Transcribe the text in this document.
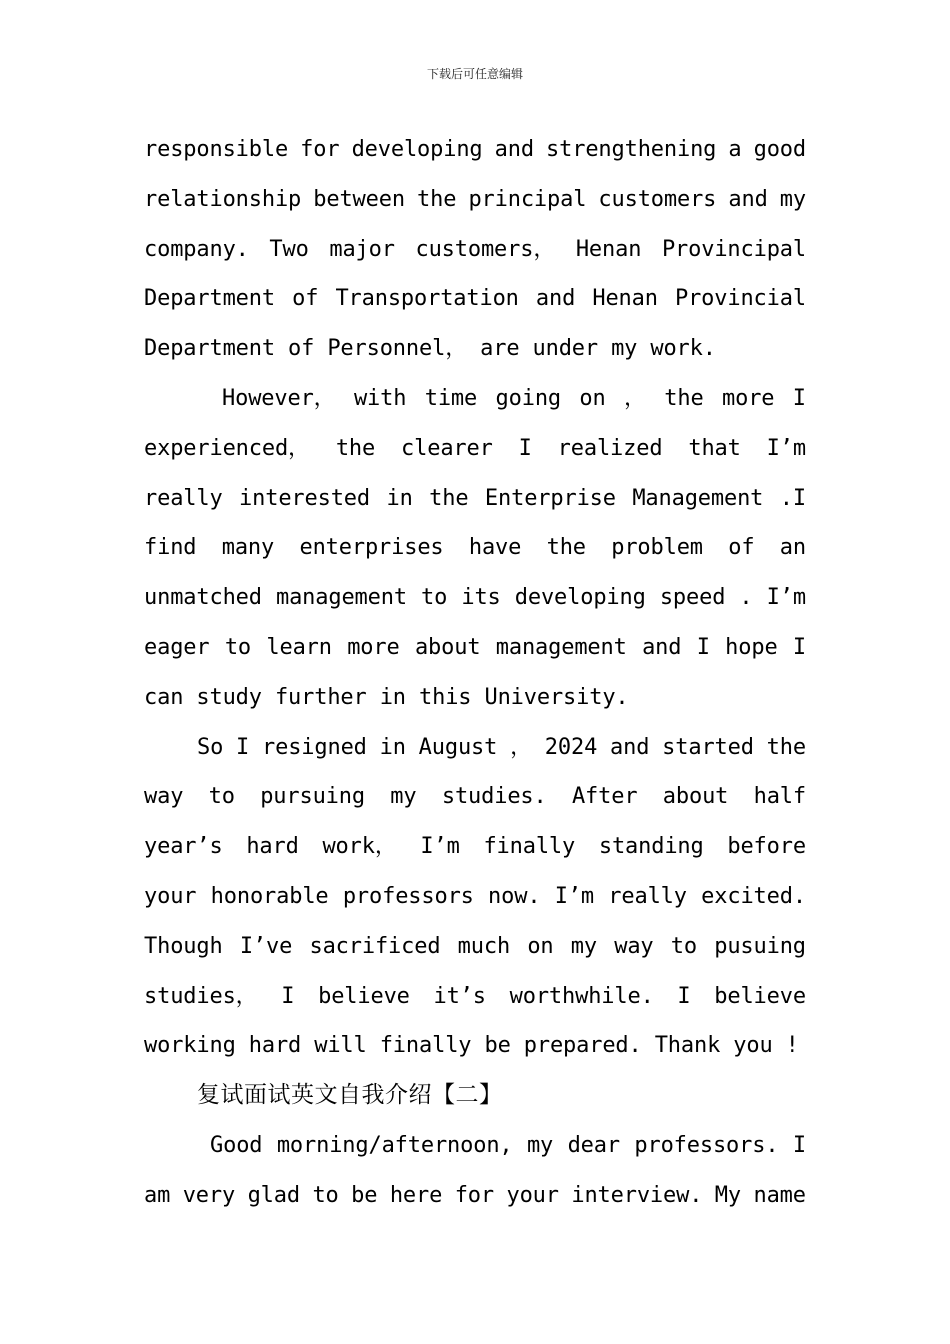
下载后可任意编辑
responsible for developing and strengthening a good
relationship between the principal customers and my
company. Two major customers， Henan Provincipal
Department of Transportation and Henan Provincial
Department of Personnel， are under my work.
However， with time going on ， the more I
experienced， the clearer I realized that I’m
really interested in the Enterprise Management .I
find many enterprises have the problem of an
unmatched management to its developing speed . I’m
eager to learn more about management and I hope I
can study further in this University.
So I resigned in August ， 2024 and started the
way to pursuing my studies. After about half
year’s hard work， I’m finally standing before
your honorable professors now. I’m really excited.
Though I’ve sacrificed much on my way to pusuing
studies， I believe it’s worthwhile. I believe
working hard will finally be prepared. Thank you !
复试面试英文自我介绍【二】
Good morning/afternoon, my dear professors. I
am very glad to be here for your interview. My name
